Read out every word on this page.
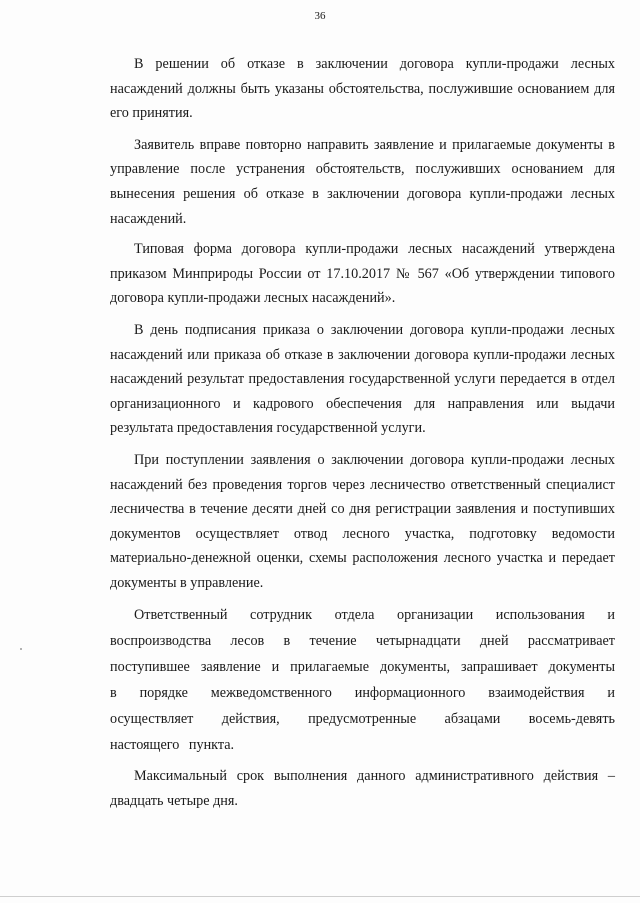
36

В решении об отказе в заключении договора купли-продажи лесных насаждений должны быть указаны обстоятельства, послужившие основанием для его принятия.

Заявитель вправе повторно направить заявление и прилагаемые документы в управление после устранения обстоятельств, послуживших основанием для вынесения решения об отказе в заключении договора купли-продажи лесных насаждений.

Типовая форма договора купли-продажи лесных насаждений утверждена приказом Минприроды России от 17.10.2017 № 567 «Об утверждении типового договора купли-продажи лесных насаждений».

В день подписания приказа о заключении договора купли-продажи лесных насаждений или приказа об отказе в заключении договора купли-продажи лесных насаждений результат предоставления государственной услуги передается в отдел организационного и кадрового обеспечения для направления или выдачи результата предоставления государственной услуги.

При поступлении заявления о заключении договора купли-продажи лесных насаждений без проведения торгов через лесничество ответственный специалист лесничества в течение десяти дней со дня регистрации заявления и поступивших документов осуществляет отвод лесного участка, подготовку ведомости материально-денежной оценки, схемы расположения лесного участка и передает документы в управление.

Ответственный сотрудник отдела организации использования и воспроизводства лесов в течение четырнадцати дней рассматривает поступившее заявление и прилагаемые документы, запрашивает документы в порядке межведомственного информационного взаимодействия и осуществляет действия, предусмотренные абзацами восемь-девять настоящего пункта.

Максимальный срок выполнения данного административного действия – двадцать четыре дня.
